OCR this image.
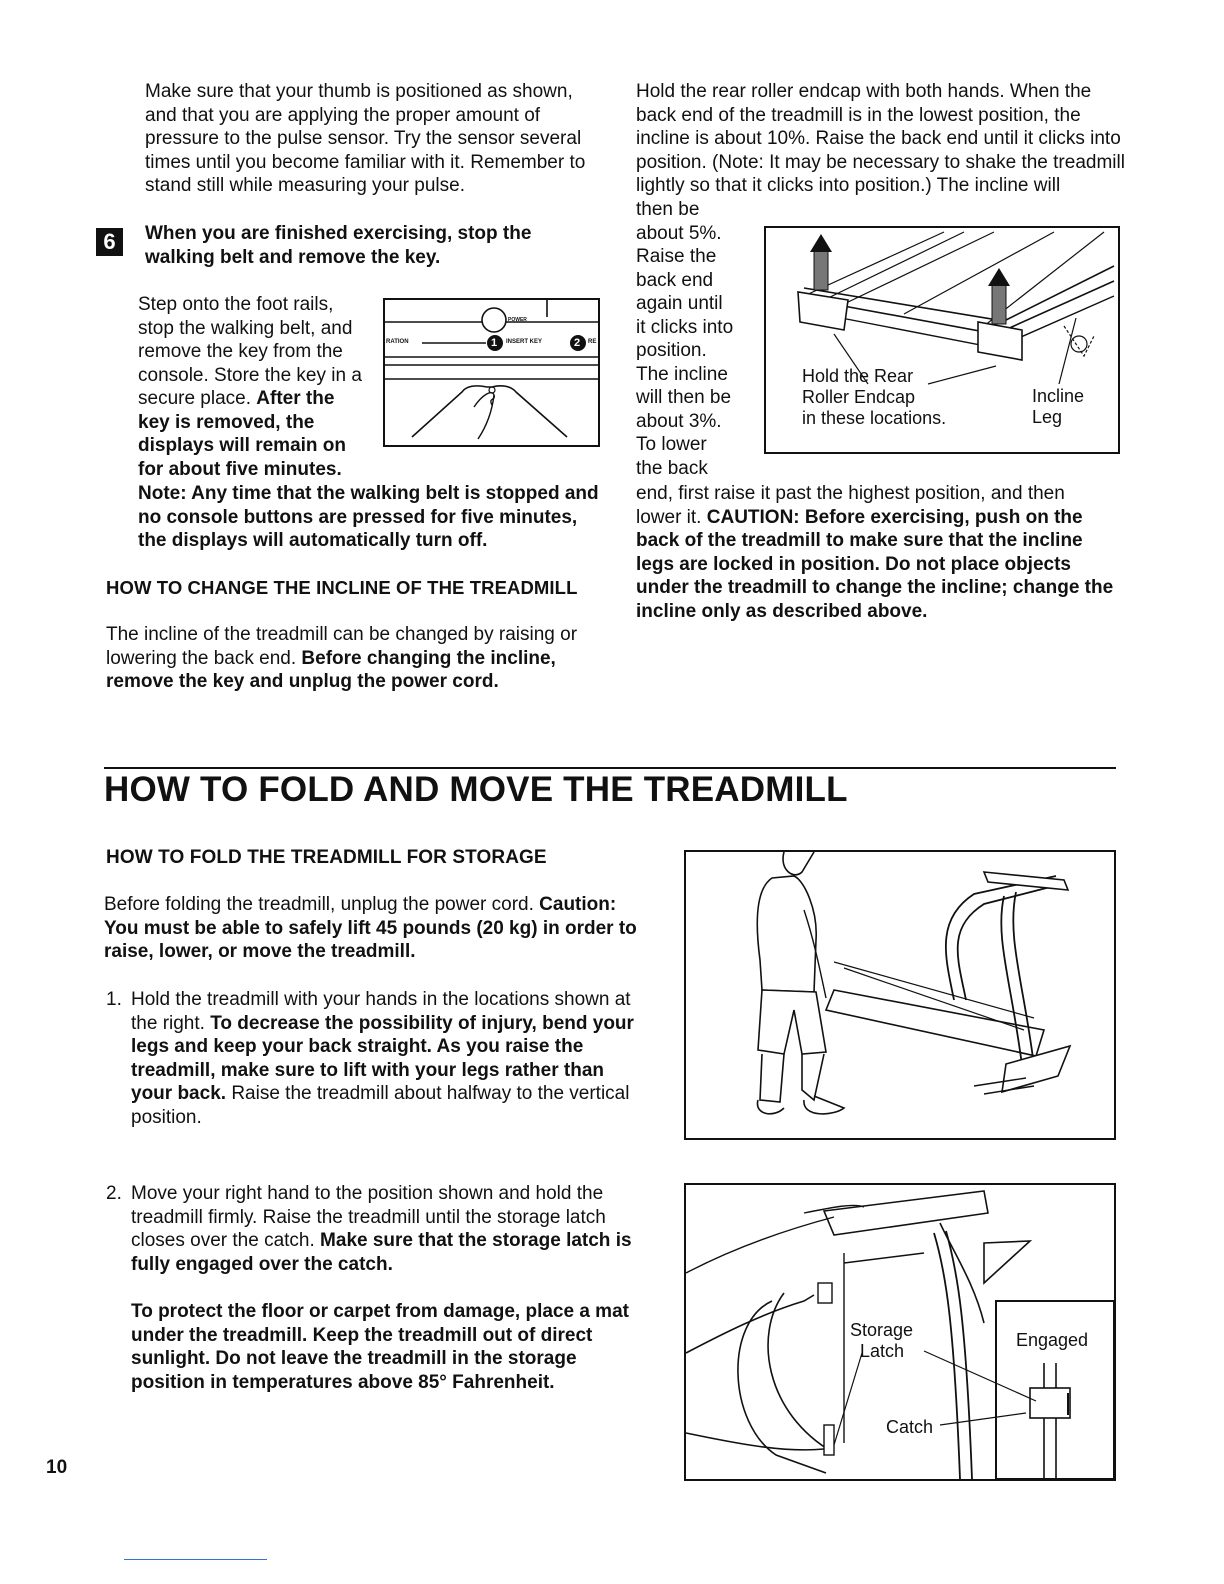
Make sure that your thumb is positioned as shown, and that you are applying the proper amount of pressure to the pulse sensor. Try the sensor several times until you become familiar with it. Remember to stand still while measuring your pulse.

6	When you are finished exercising, stop the walking belt and remove the key.

Step onto the foot rails, stop the walking belt, and remove the key from the console. Store the key in a secure place. After the key is removed, the displays will remain on for about five minutes.

POWER
RATION	1 INSERT KEY	2 RE

Note: Any time that the walking belt is stopped and no console buttons are pressed for five minutes, the displays will automatically turn off.

HOW TO CHANGE THE INCLINE OF THE TREADMILL

The incline of the treadmill can be changed by raising or lowering the back end. Before changing the incline, remove the key and unplug the power cord.

Hold the rear roller endcap with both hands. When the back end of the treadmill is in the lowest position, the incline is about 10%. Raise the back end until it clicks into position. (Note: It may be necessary to shake the treadmill lightly so that it clicks into position.) The incline will

then be
about 5%.
Raise the
back end
again until
it clicks into
position.
The incline
will then be
about 3%.
To lower
the back
Hold the Rear
Roller Endcap
in these locations.
Incline
Leg

end, first raise it past the highest position, and then lower it. CAUTION: Before exercising, push on the back of the treadmill to make sure that the incline legs are locked in position. Do not place objects under the treadmill to change the incline; change the incline only as described above.

HOW TO FOLD AND MOVE THE TREADMILL

HOW TO FOLD THE TREADMILL FOR STORAGE

Before folding the treadmill, unplug the power cord. Caution: You must be able to safely lift 45 pounds (20 kg) in order to raise, lower, or move the treadmill.

1. Hold the treadmill with your hands in the locations shown at the right. To decrease the possibility of injury, bend your legs and keep your back straight. As you raise the treadmill, make sure to lift with your legs rather than your back. Raise the treadmill about halfway to the vertical position.

2. Move your right hand to the position shown and hold the treadmill firmly. Raise the treadmill until the storage latch closes over the catch. Make sure that the storage latch is fully engaged over the catch.

To protect the floor or carpet from damage, place a mat under the treadmill. Keep the treadmill out of direct sunlight. Do not leave the treadmill in the storage position in temperatures above 85° Fahrenheit.

Storage
Latch
Catch
Engaged
10
